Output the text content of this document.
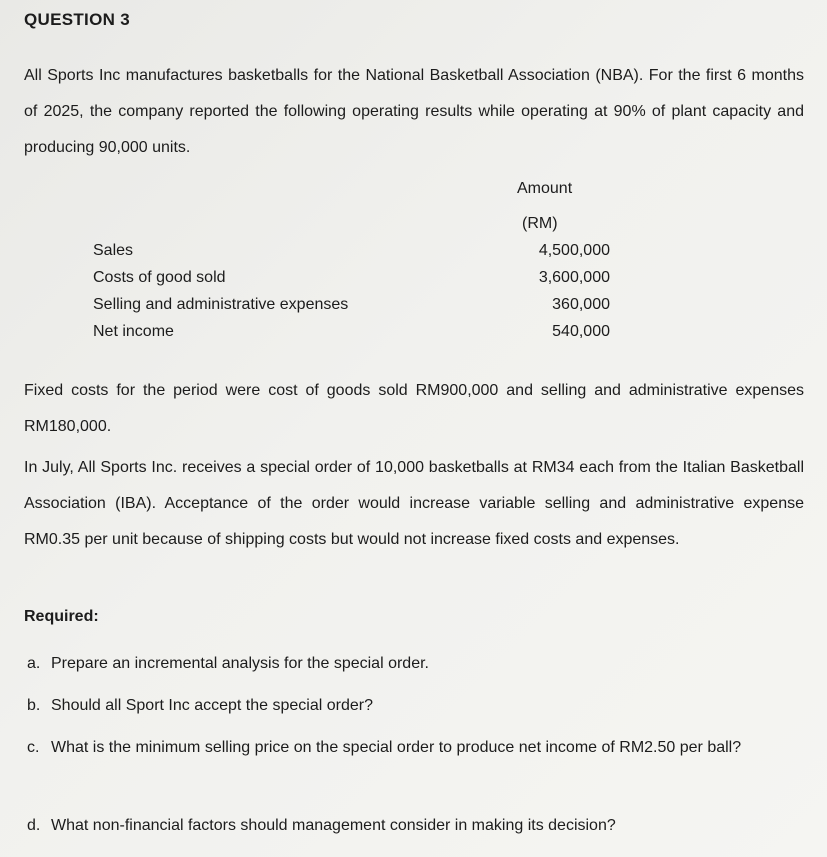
QUESTION 3
All Sports Inc manufactures basketballs for the National Basketball Association (NBA). For the first 6 months of 2025, the company reported the following operating results while operating at 90% of plant capacity and producing 90,000 units.
Amount
(RM)
Sales	4,500,000
Costs of good sold	3,600,000
Selling and administrative expenses	360,000
Net income	540,000
Fixed costs for the period were cost of goods sold RM900,000 and selling and administrative expenses RM180,000.
In July, All Sports Inc. receives a special order of 10,000 basketballs at RM34 each from the Italian Basketball Association (IBA). Acceptance of the order would increase variable selling and administrative expense RM0.35 per unit because of shipping costs but would not increase fixed costs and expenses.
Required:
a. Prepare an incremental analysis for the special order.
b. Should all Sport Inc accept the special order?
c. What is the minimum selling price on the special order to produce net income of RM2.50 per ball?
d. What non-financial factors should management consider in making its decision?
